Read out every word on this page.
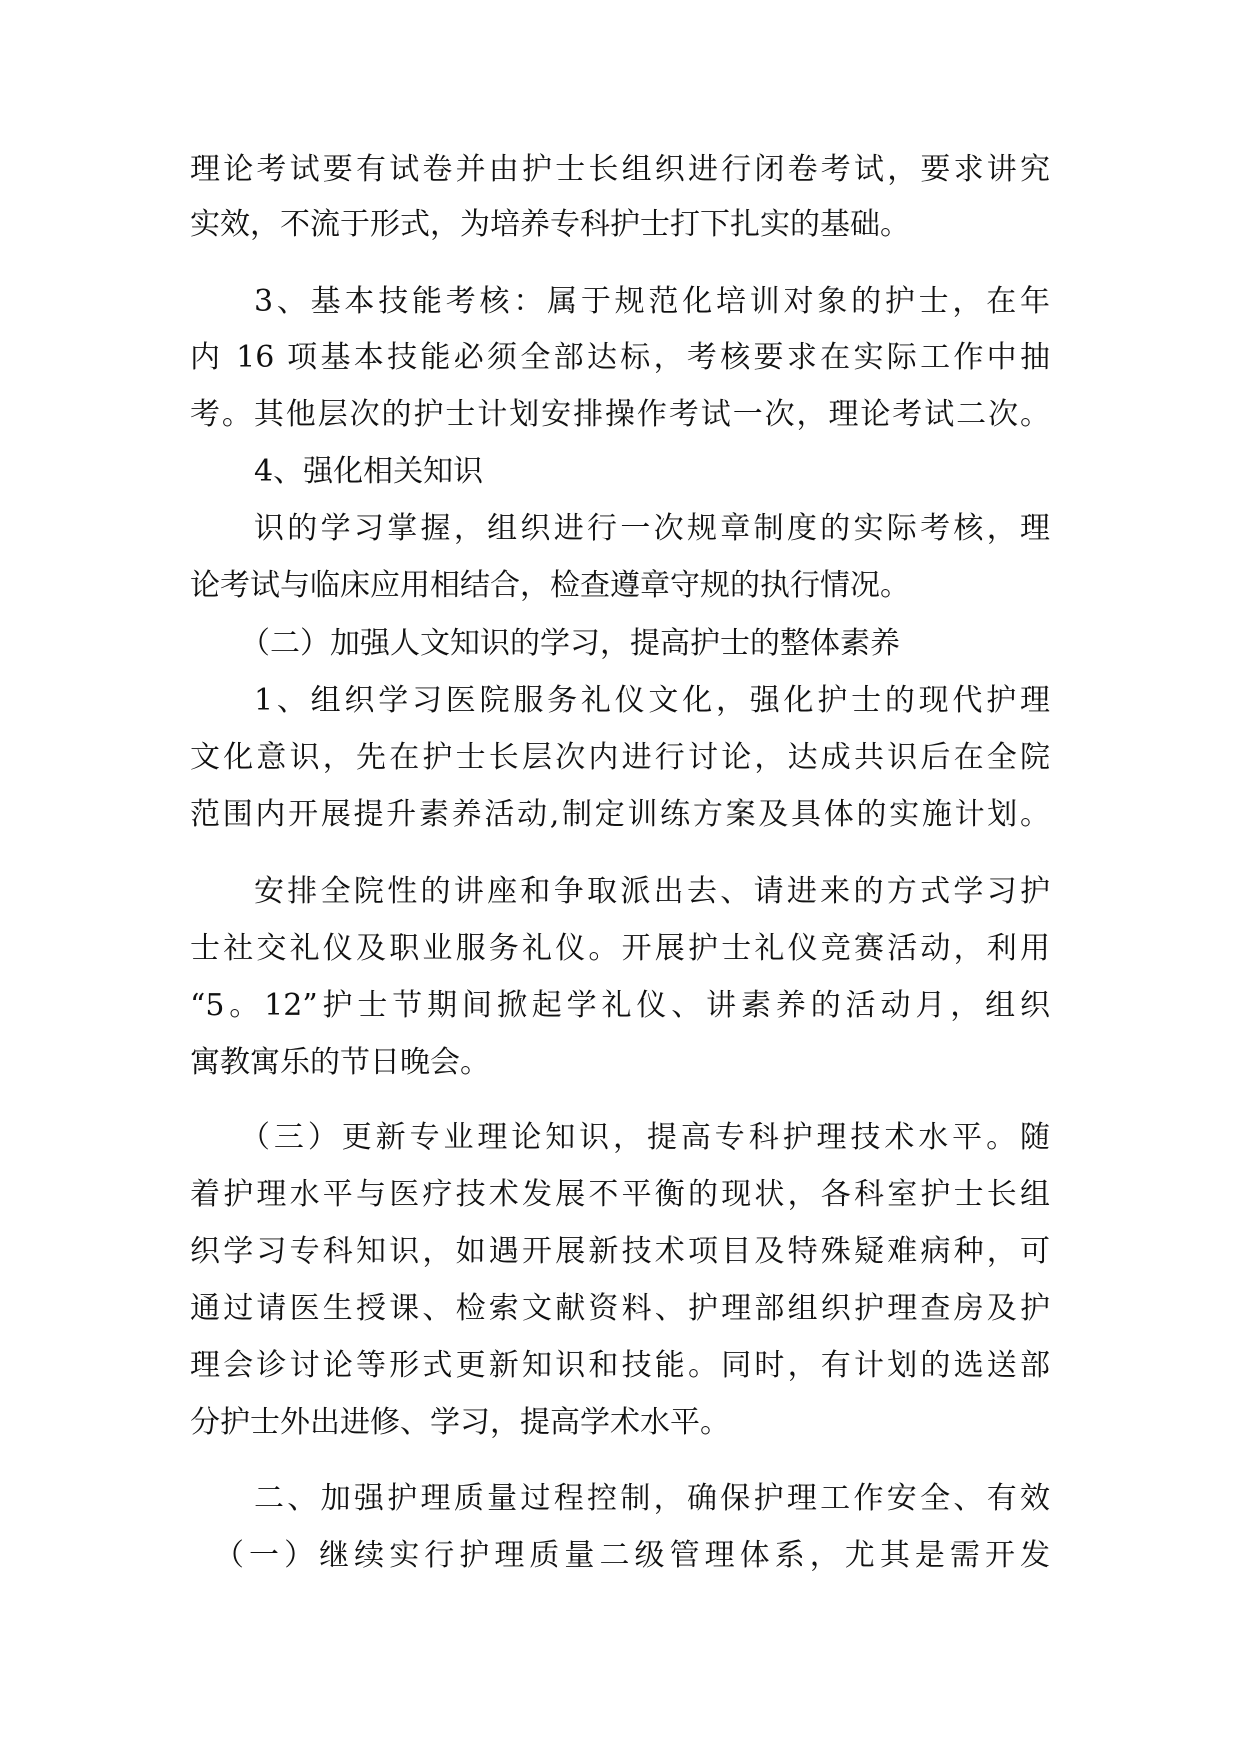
理论考试要有试卷并由护士长组织进行闭卷考试，要求讲究
实效，不流于形式，为培养专科护士打下扎实的基础。
3、基本技能考核：属于规范化培训对象的护士，在年
内 16 项基本技能必须全部达标，考核要求在实际工作中抽
考。其他层次的护士计划安排操作考试一次，理论考试二次。
4、强化相关知识
识的学习掌握，组织进行一次规章制度的实际考核，理
论考试与临床应用相结合，检查遵章守规的执行情况。
（二）加强人文知识的学习，提高护士的整体素养
1、组织学习医院服务礼仪文化，强化护士的现代护理
文化意识，先在护士长层次内进行讨论，达成共识后在全院
范围内开展提升素养活动,制定训练方案及具体的实施计划。
安排全院性的讲座和争取派出去、请进来的方式学习护
士社交礼仪及职业服务礼仪。开展护士礼仪竞赛活动，利用
“5。12”护士节期间掀起学礼仪、讲素养的活动月，组织
寓教寓乐的节日晚会。
（三）更新专业理论知识，提高专科护理技术水平。随
着护理水平与医疗技术发展不平衡的现状，各科室护士长组
织学习专科知识，如遇开展新技术项目及特殊疑难病种，可
通过请医生授课、检索文献资料、护理部组织护理查房及护
理会诊讨论等形式更新知识和技能。同时，有计划的选送部
分护士外出进修、学习，提高学术水平。
二、加强护理质量过程控制，确保护理工作安全、有效
（一）继续实行护理质量二级管理体系，尤其是需开发
